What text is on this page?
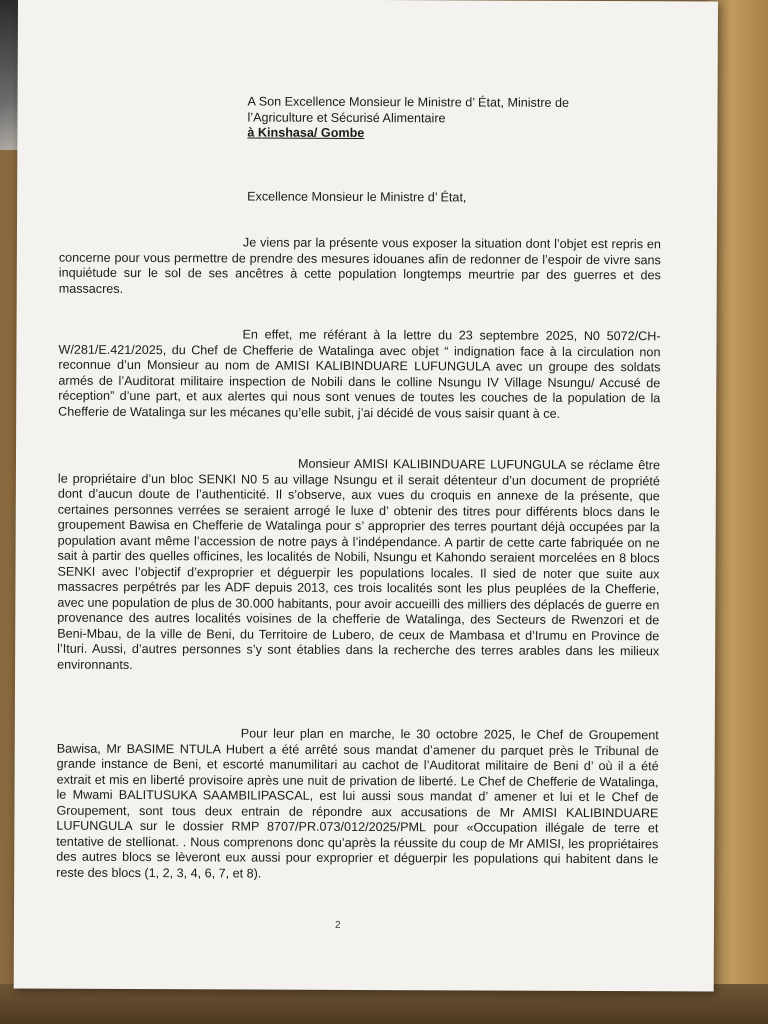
A Son Excellence Monsieur le Ministre d’ État, Ministre de
l’Agriculture et Sécurisé Alimentaire
à Kinshasa/ Gombe
Excellence Monsieur le Ministre d’ État,

Je viens par la présente vous exposer la situation dont l’objet est repris en concerne pour vous permettre de prendre des mesures idouanes afin de redonner de l’espoir de vivre sans inquiétude sur le sol de ses ancêtres à cette population longtemps meurtrie par des guerres et des massacres.

En effet, me référant à la lettre du 23 septembre 2025, N0 5072/CH-W/281/E.421/2025, du Chef de Chefferie de Watalinga avec objet “ indignation face à la circulation non reconnue d’un Monsieur au nom de AMISI KALIBINDUARE LUFUNGULA avec un groupe des soldats armés de l’Auditorat militaire inspection de Nobili dans le colline Nsungu IV Village Nsungu/ Accusé de réception” d’une part, et aux alertes qui nous sont venues de toutes les couches de la population de la Chefferie de Watalinga sur les mécanes qu’elle subit, j’ai décidé de vous saisir quant à ce.

Monsieur AMISI KALIBINDUARE LUFUNGULA se réclame être le propriétaire d’un bloc SENKI N0 5 au village Nsungu et il serait détenteur d’un document de propriété dont d’aucun doute de l’authenticité. Il s’observe, aux vues du croquis en annexe de la présente, que certaines personnes verrées se seraient arrogé le luxe d’ obtenir des titres pour différents blocs dans le groupement Bawisa en Chefferie de Watalinga pour s’ approprier des terres pourtant déjà occupées par la population avant même l’accession de notre pays à l’indépendance. A partir de cette carte fabriquée on ne sait à partir des quelles officines, les localités de Nobili, Nsungu et Kahondo seraient morcelées en 8 blocs SENKI avec l’objectif d’exproprier et déguerpir les populations locales. Il sied de noter que suite aux massacres perpétrés par les ADF depuis 2013, ces trois localités sont les plus peuplées de la Chefferie, avec une population de plus de 30.000 habitants, pour avoir accueilli des milliers des déplacés de guerre en provenance des autres localités voisines de la chefferie de Watalinga, des Secteurs de Rwenzori et de Beni-Mbau, de la ville de Beni, du Territoire de Lubero, de ceux de Mambasa et d’Irumu en Province de l’Ituri. Aussi, d’autres personnes s’y sont établies dans la recherche des terres arables dans les milieux environnants.

Pour leur plan en marche, le 30 octobre 2025, le Chef de Groupement Bawisa, Mr BASIME NTULA Hubert a été arrêté sous mandat d’amener du parquet près le Tribunal de grande instance de Beni, et escorté manumilitari au cachot de l’Auditorat militaire de Beni d’ où il a été extrait et mis en liberté provisoire après une nuit de privation de liberté. Le Chef de Chefferie de Watalinga, le Mwami BALITUSUKA SAAMBILIPASCAL, est lui aussi sous mandat d’ amener et lui et le Chef de Groupement, sont tous deux entrain de répondre aux accusations de Mr AMISI KALIBINDUARE LUFUNGULA sur le dossier RMP 8707/PR.073/012/2025/PML pour «Occupation illégale de terre et tentative de stellionat. . Nous comprenons donc qu’après la réussite du coup de Mr AMISI, les propriétaires des autres blocs se lèveront eux aussi pour exproprier et déguerpir les populations qui habitent dans le reste des blocs (1, 2, 3, 4, 6, 7, et 8).

2
